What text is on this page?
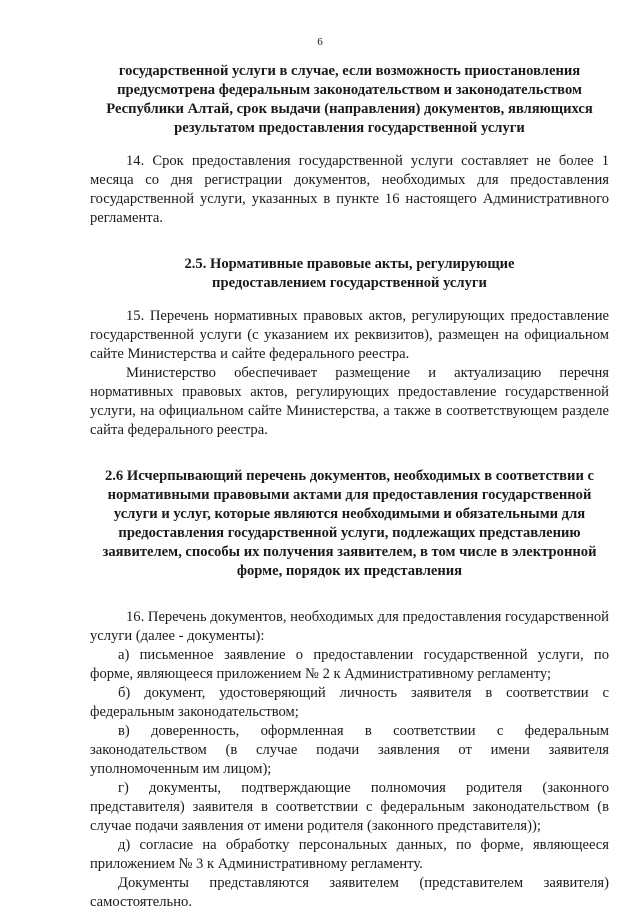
6

государственной услуги в случае, если возможность приостановления предусмотрена федеральным законодательством и законодательством Республики Алтай, срок выдачи (направления) документов, являющихся результатом предоставления государственной услуги

14. Срок предоставления государственной услуги составляет не более 1 месяца со дня регистрации документов, необходимых для предоставления государственной услуги, указанных в пункте 16 настоящего Административного регламента.

2.5. Нормативные правовые акты, регулирующие предоставлением государственной услуги

15. Перечень нормативных правовых актов, регулирующих предоставление государственной услуги (с указанием их реквизитов), размещен на официальном сайте Министерства и сайте федерального реестра.

Министерство обеспечивает размещение и актуализацию перечня нормативных правовых актов, регулирующих предоставление государственной услуги, на официальном сайте Министерства, а также в соответствующем разделе сайта федерального реестра.

2.6 Исчерпывающий перечень документов, необходимых в соответствии с нормативными правовыми актами для предоставления государственной услуги и услуг, которые являются необходимыми и обязательными для предоставления государственной услуги, подлежащих представлению заявителем, способы их получения заявителем, в том числе в электронной форме, порядок их представления

16. Перечень документов, необходимых для предоставления государственной услуги (далее - документы):

а) письменное заявление о предоставлении государственной услуги, по форме, являющееся приложением № 2 к Административному регламенту;

б) документ, удостоверяющий личность заявителя в соответствии с федеральным законодательством;

в) доверенность, оформленная в соответствии с федеральным законодательством (в случае подачи заявления от имени заявителя уполномоченным им лицом);

г) документы, подтверждающие полномочия родителя (законного представителя) заявителя в соответствии с федеральным законодательством (в случае подачи заявления от имени родителя (законного представителя));

д) согласие на обработку персональных данных, по форме, являющееся приложением № 3 к Административному регламенту.

Документы представляются заявителем (представителем заявителя) самостоятельно.
